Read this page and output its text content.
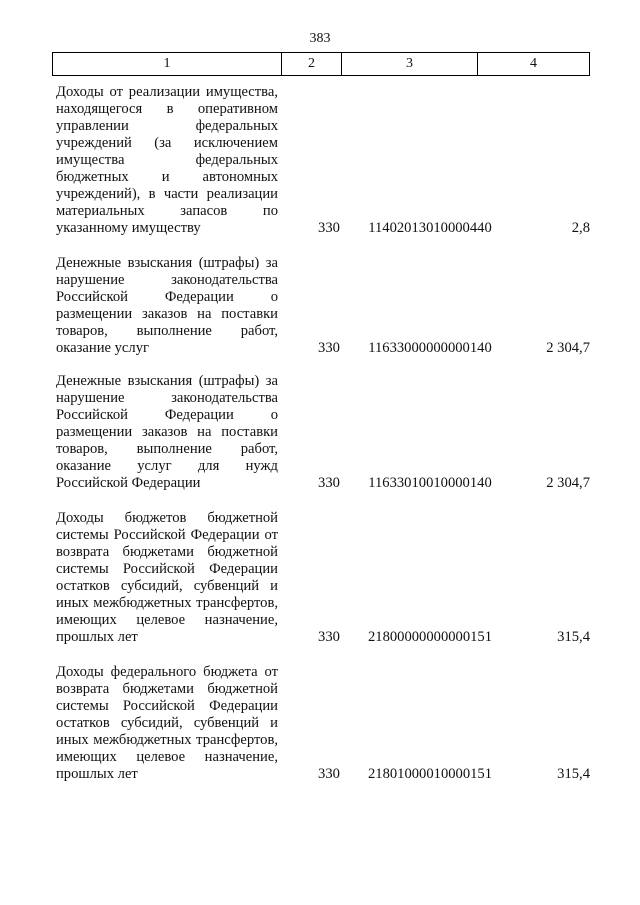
383
1	2	3	4
Доходы от реализации имущества, находящегося в оперативном управлении федеральных учреждений (за исключением имущества федеральных бюджетных и автономных учреждений), в части реализации материальных запасов по указанному имуществу	330	11402013010000440	2,8
Денежные взыскания (штрафы) за нарушение законодательства Российской Федерации о размещении заказов на поставки товаров, выполнение работ, оказание услуг	330	11633000000000140	2 304,7
Денежные взыскания (штрафы) за нарушение законодательства Российской Федерации о размещении заказов на поставки товаров, выполнение работ, оказание услуг для нужд Российской Федерации	330	11633010010000140	2 304,7
Доходы бюджетов бюджетной системы Российской Федерации от возврата бюджетами бюджетной системы Российской Федерации остатков субсидий, субвенций и иных межбюджетных трансфертов, имеющих целевое назначение, прошлых лет	330	21800000000000151	315,4
Доходы федерального бюджета от возврата бюджетами бюджетной системы Российской Федерации остатков субсидий, субвенций и иных межбюджетных трансфертов, имеющих целевое назначение, прошлых лет	330	21801000010000151	315,4
